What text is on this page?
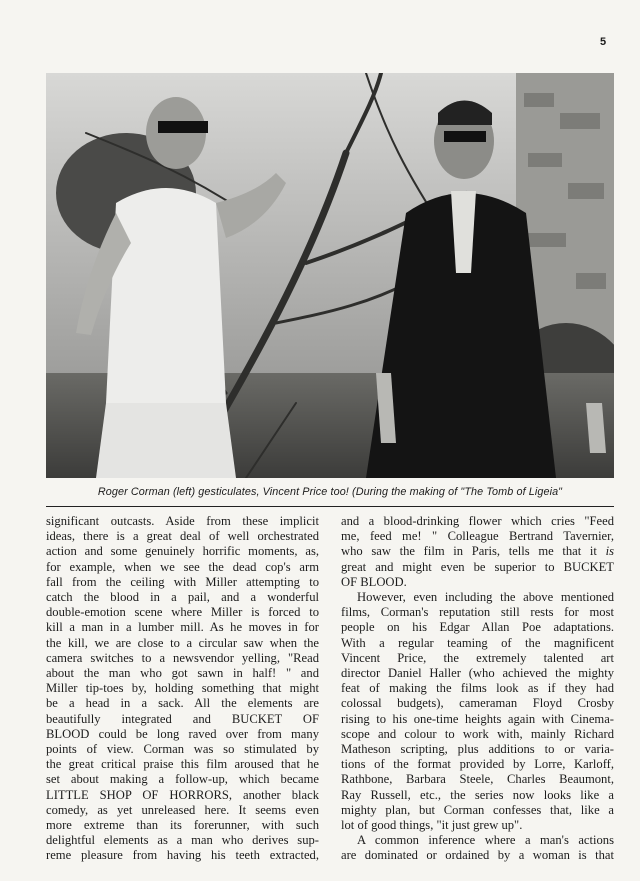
5
Roger Corman (left) gesticulates, Vincent Price too! (During the making of "The Tomb of Ligeia"

significant outcasts. Aside from these implicit
ideas, there is a great deal of well orchestrated
action and some genuinely horrific moments, as,
for example, when we see the dead cop's arm
fall from the ceiling with Miller attempting to
catch the blood in a pail, and a wonderful
double-emotion scene where Miller is forced to
kill a man in a lumber mill. As he moves in for
the kill, we are close to a circular saw when the
camera switches to a newsvendor yelling, "Read
about the man who got sawn in half! " and
Miller tip-toes by, holding something that might
be a head in a sack. All the elements are
beautifully integrated and BUCKET OF
BLOOD could be long raved over from many
points of view. Corman was so stimulated by
the great critical praise this film aroused that he
set about making a follow-up, which became
LITTLE SHOP OF HORRORS, another black
comedy, as yet unreleased here. It seems even
more extreme than its forerunner, with such
delightful elements as a man who derives sup-
reme pleasure from having his teeth extracted,

and a blood-drinking flower which cries "Feed
me, feed me! " Colleague Bertrand Tavernier,
who saw the film in Paris, tells me that it is
great and might even be superior to BUCKET
OF BLOOD.

However, even including the above mentioned
films, Corman's reputation still rests for most
people on his Edgar Allan Poe adaptations.
With a regular teaming of the magnificent
Vincent Price, the extremely talented art
director Daniel Haller (who achieved the mighty
feat of making the films look as if they had
colossal budgets), cameraman Floyd Crosby
rising to his one-time heights again with Cinema-
scope and colour to work with, mainly Richard
Matheson scripting, plus additions to or varia-
tions of the format provided by Lorre, Karloff,
Rathbone, Barbara Steele, Charles Beaumont,
Ray Russell, etc., the series now looks like a
mighty plan, but Corman confesses that, like a
lot of good things, "it just grew up".

A common inference where a man's actions
are dominated or ordained by a woman is that
